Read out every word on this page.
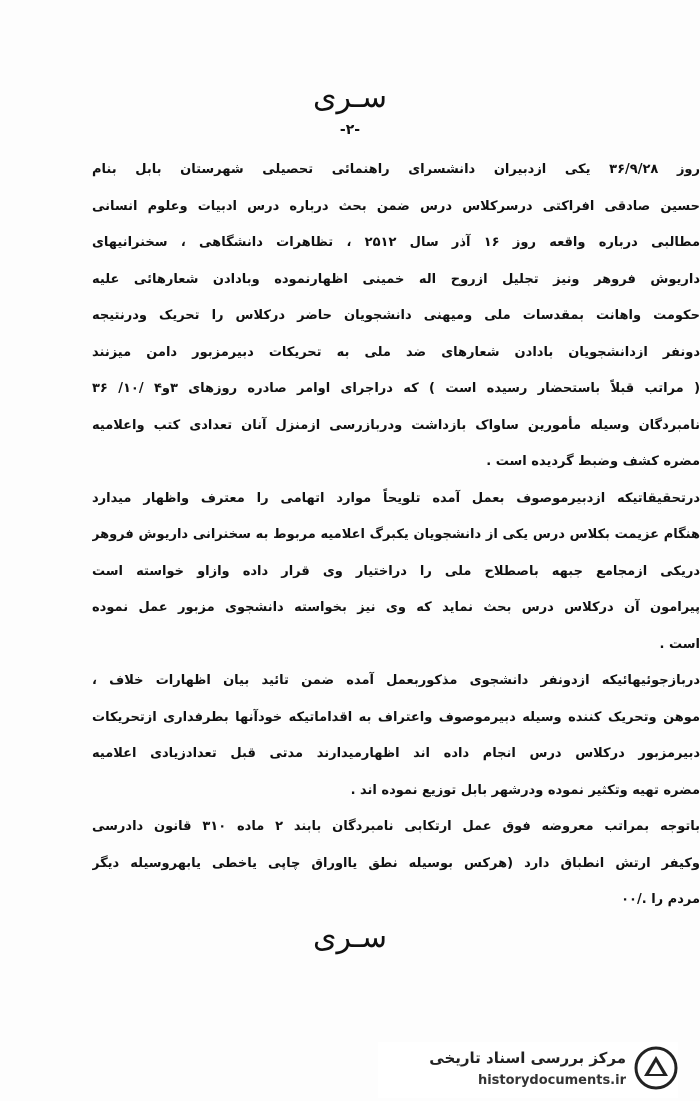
سـرى
-۲-
روز ۳۶/۹/۲۸ یکی ازدبیران دانشسرای راهنمائی تحصیلی شهرستان بابل بنام
حسین صادقی افراکتی درسرکلاس درس ضمن بحث درباره درس ادبیات وعلوم انسانی
مطالبی درباره واقعه روز ۱۶ آذر سال ۲۵۱۲ ، تظاهرات دانشگاهی ، سخنرانیهای
داریوش فروهر ونیز تجلیل ازروح اله خمینی اظهارنموده وبادادن شعارهائی علیه
حکومت واهانت بمقدسات ملی ومیهنی دانشجویان حاضر درکلاس را تحریک ودرنتیجه
دونفر ازدانشجویان بادادن شعارهای ضد ملی به تحریکات دبیرمزبور دامن میزنند
( مراتب قبلاً باستحضار رسیده است ) که دراجرای اوامر صادره روزهای ۳و۴ /۱۰/ ۳۶
نامبردگان وسیله مأمورین ساواک بازداشت ودربازرسی ازمنزل آنان تعدادی کتب واعلامیه
مضره کشف وضبط گردیده است .
درتحقیقاتیکه ازدبیرموصوف بعمل آمده تلویحاً موارد اتهامی را معترف واظهار میدارد
هنگام عزیمت بکلاس درس یکی از دانشجویان یکبرگ اعلامیه مربوط به سخنرانی داریوش فروهر
دریکی ازمجامع جبهه باصطلاح ملی را دراختیار وی قرار داده وازاو خواسته است
پیرامون آن درکلاس درس بحث نماید که وی نیز بخواسته دانشجوی مزبور عمل نموده
است .
دربازجوئیهائیکه ازدونفر دانشجوی مذکوربعمل آمده ضمن تائید بیان اظهارات خلاف ،
موهن وتحریک کننده وسیله دبیرموصوف واعتراف به اقداماتیکه خودآنها بطرفداری ازتحریکات
دبیرمزبور درکلاس درس انجام داده اند اظهارمیدارند مدتی قبل تعدادزیادی اعلامیه
مضره تهیه وتکثیر نموده ودرشهر بابل توزیع نموده اند .
باتوجه بمراتب معروضه فوق عمل ارتکابی نامبردگان بابند ۲ ماده ۳۱۰ قانون دادرسی
وکیفر ارتش انطباق دارد (هرکس بوسیله نطق یااوراق چاپی یاخطی یابهروسیله دیگر
مردم را ./۰۰
سـرى
مرکز بررسی اسناد تاریخی
historydocuments.ir
